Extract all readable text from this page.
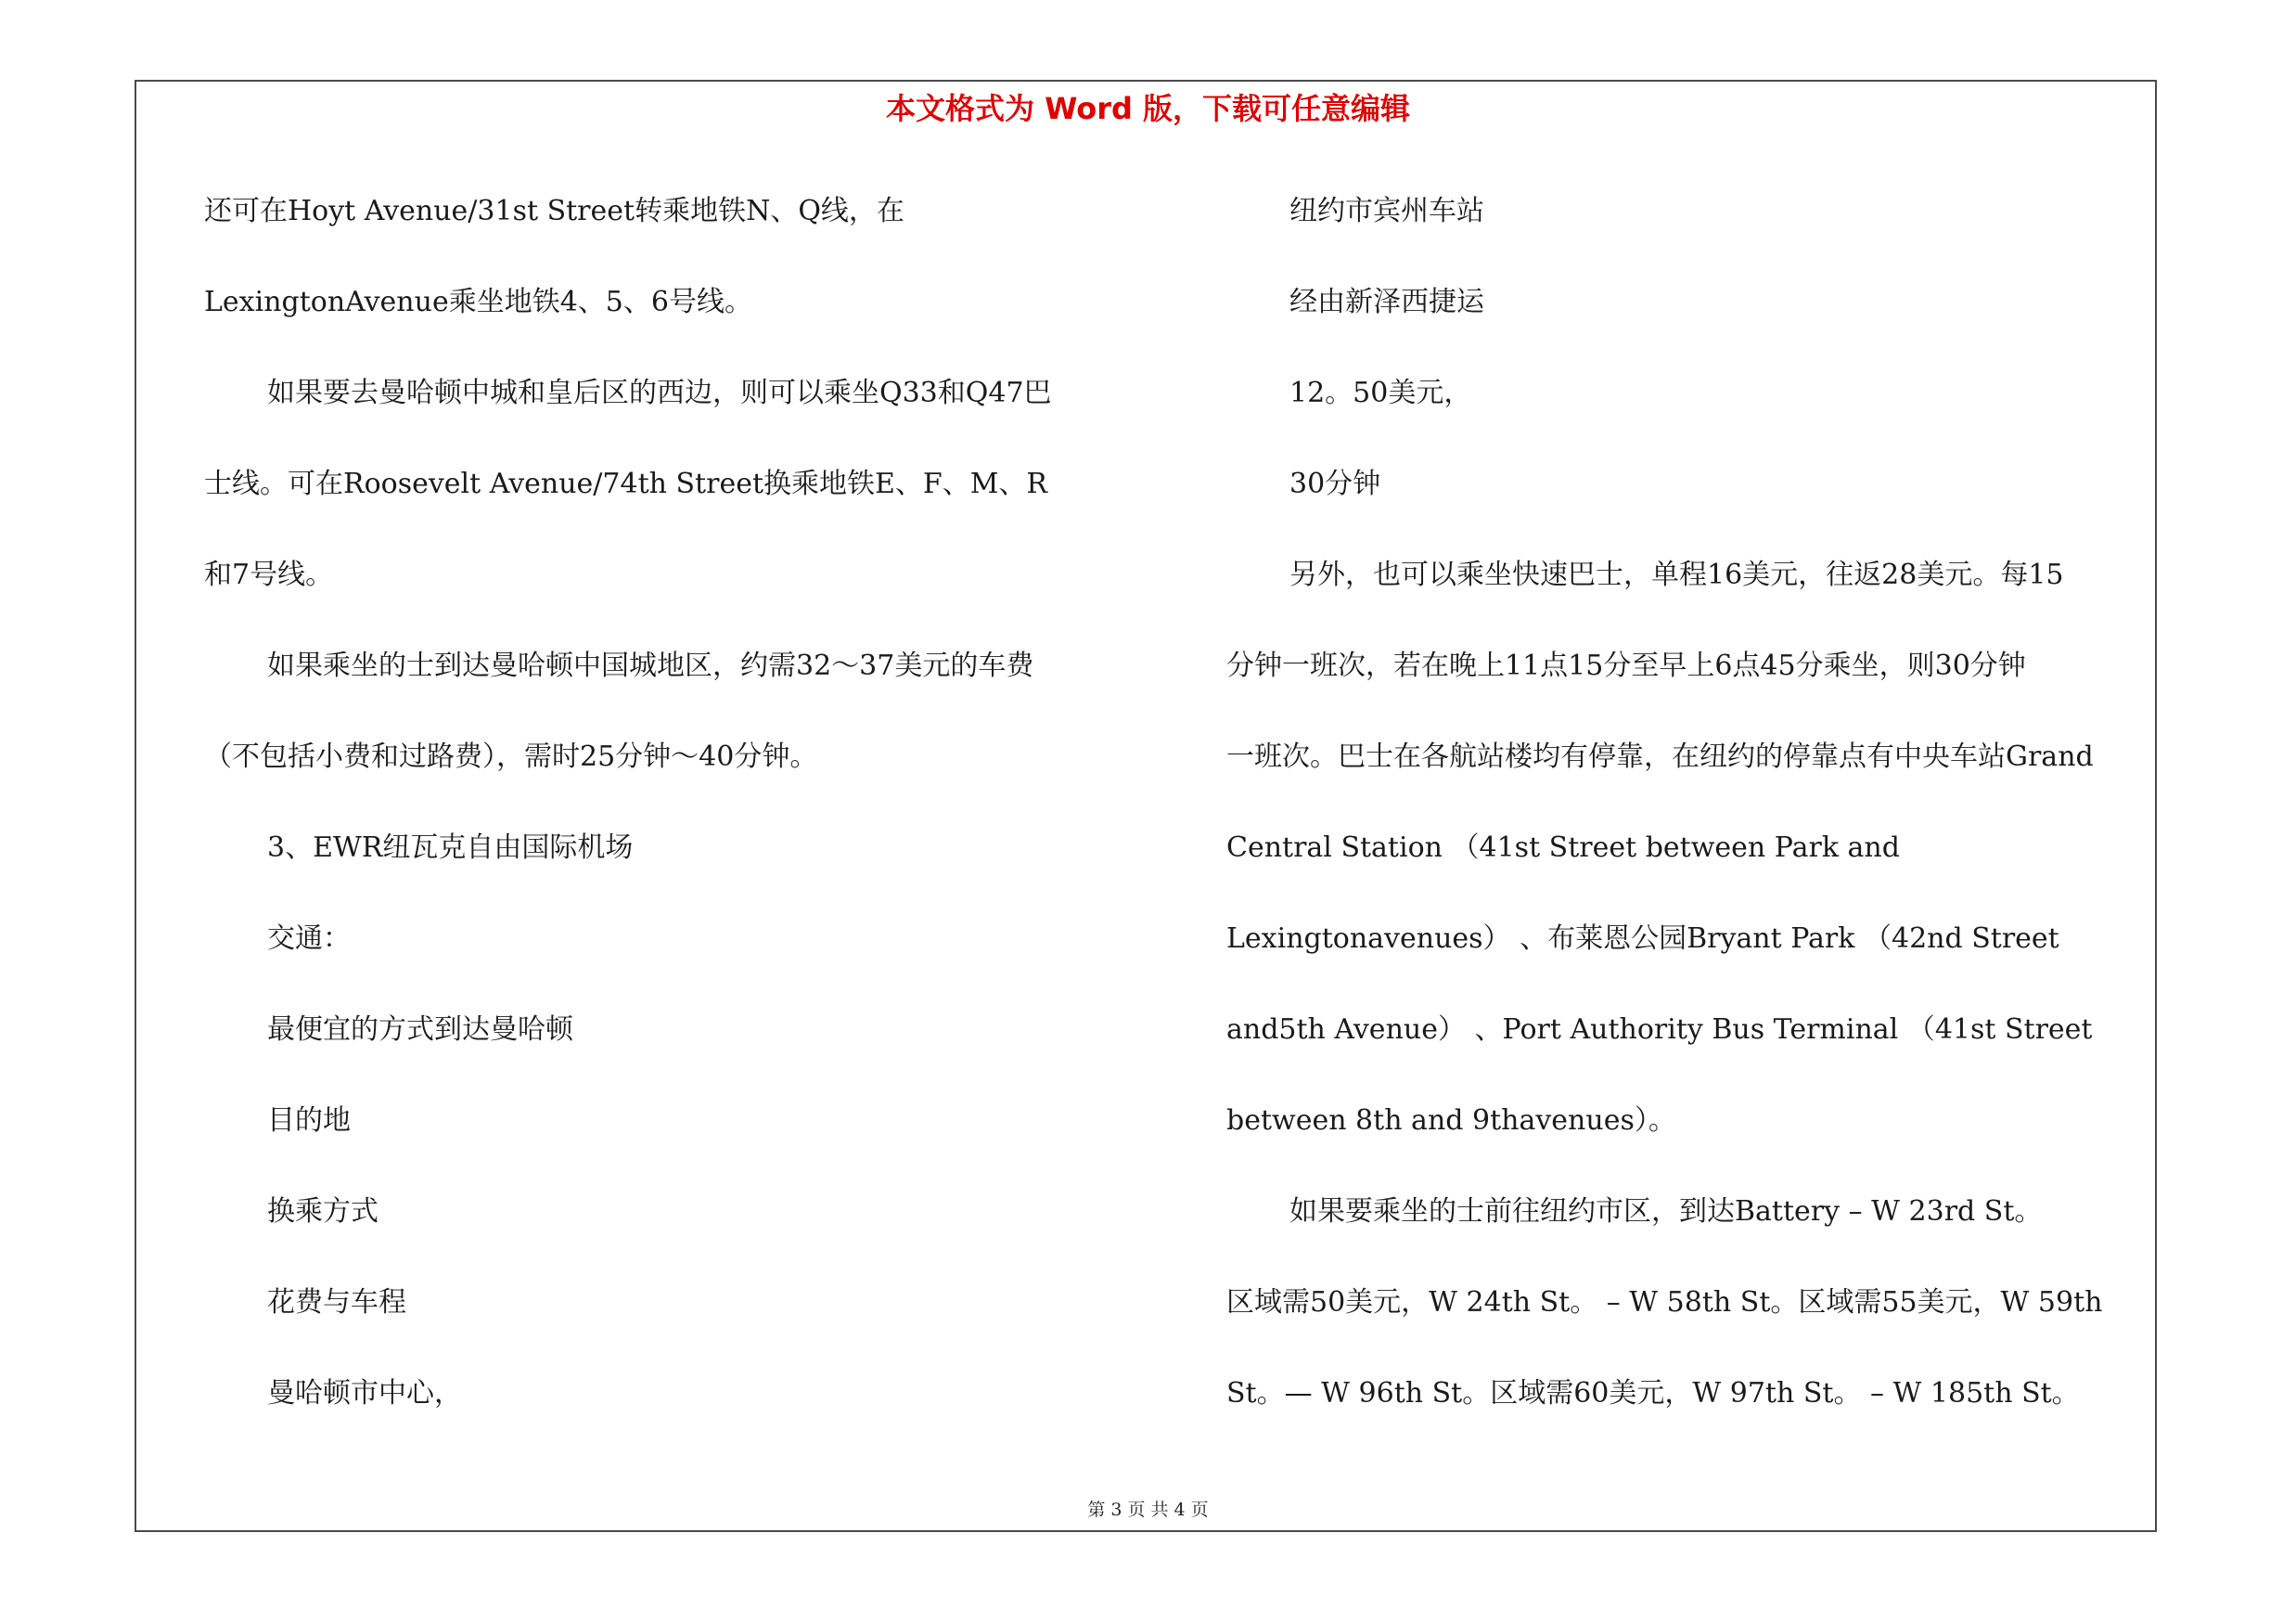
本文格式为 Word 版，下载可任意编辑
还可在Hoyt Avenue/31st Street转乘地铁N、Q线，在
LexingtonAvenue乘坐地铁4、5、6号线。
如果要去曼哈顿中城和皇后区的西边，则可以乘坐Q33和Q47巴
士线。可在Roosevelt Avenue/74th Street换乘地铁E、F、M、R
和7号线。
如果乘坐的士到达曼哈顿中国城地区，约需32～37美元的车费
（不包括小费和过路费），需时25分钟～40分钟。
3、EWR纽瓦克自由国际机场
交通：
最便宜的方式到达曼哈顿
目的地
换乘方式
花费与车程
曼哈顿市中心，
纽约市宾州车站
经由新泽西捷运
12。50美元，
30分钟
另外，也可以乘坐快速巴士，单程16美元，往返28美元。每15
分钟一班次，若在晚上11点15分至早上6点45分乘坐，则30分钟
一班次。巴士在各航站楼均有停靠，在纽约的停靠点有中央车站Grand
Central Station （41st Street between Park and
Lexingtonavenues） 、布莱恩公园Bryant Park （42nd Street
and5th Avenue） 、Port Authority Bus Terminal （41st Street
between 8th and 9thavenues）。
如果要乘坐的士前往纽约市区，到达Battery – W 23rd St。
区域需50美元，W 24th St。 – W 58th St。区域需55美元，W 59th
St。— W 96th St。区域需60美元，W 97th St。 – W 185th St。
第 3 页 共 4 页
